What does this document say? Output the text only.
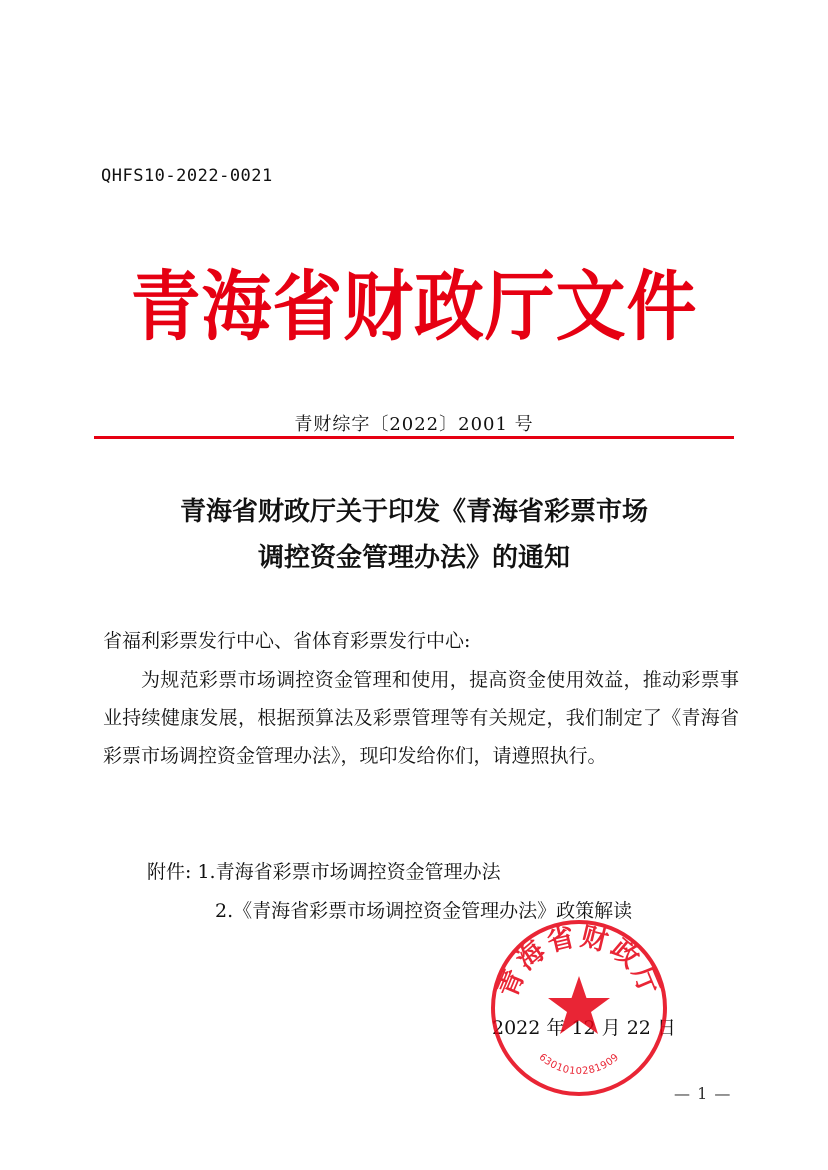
QHFS10-2022-0021
青海省财政厅文件
青财综字〔2022〕2001 号
青海省财政厅关于印发《青海省彩票市场
调控资金管理办法》的通知
省福利彩票发行中心、省体育彩票发行中心:
为规范彩票市场调控资金管理和使用，提高资金使用效益，推动彩票事业持续健康发展，根据预算法及彩票管理等有关规定，我们制定了《青海省彩票市场调控资金管理办法》，现印发给你们，请遵照执行。
附件: 1.青海省彩票市场调控资金管理办法
2.《青海省彩票市场调控资金管理办法》政策解读
2022 年 12 月 22 日
青海省财政厅
6301010281909
— 1 —
